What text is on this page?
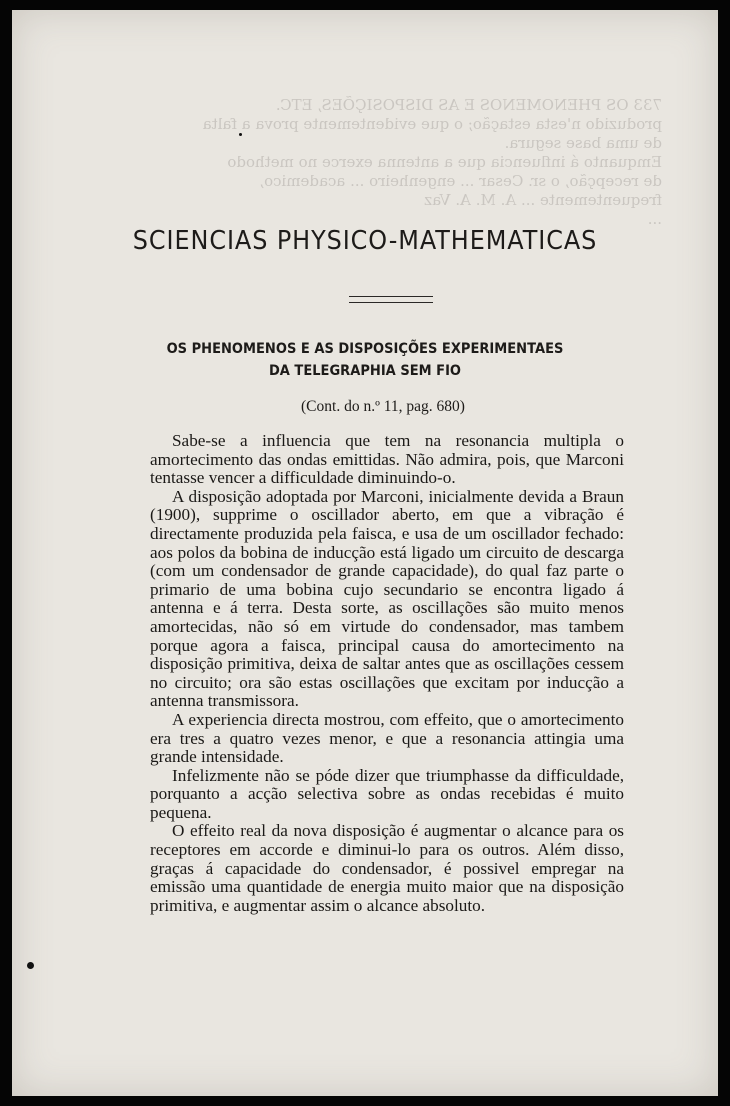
733 OS PHENOMENOS E AS DISPOSIÇÕES, ETC.
produzido n'esta estação; o que evidentemente prova a falta
de uma base segura.
Emquanto á influencia que a antenna exerce no methodo
de recepção, o sr. Cesar ... engenheiro ... academico,
frequentemente ... A. M. A. Vaz
...
SCIENCIAS PHYSICO-MATHEMATICAS
OS PHENOMENOS E AS DISPOSIÇÕES EXPERIMENTAES
DA TELEGRAPHIA SEM FIO
(Cont. do n.º 11, pag. 680)

Sabe-se a influencia que tem na resonancia multipla o amortecimento das ondas emittidas. Não admira, pois, que Marconi tentasse vencer a difficuldade diminuindo-o.

A disposição adoptada por Marconi, inicialmente devida a Braun (1900), supprime o oscillador aberto, em que a vibração é directamente produzida pela faisca, e usa de um oscillador fechado: aos polos da bobina de inducção está ligado um circuito de descarga (com um condensador de grande capacidade), do qual faz parte o primario de uma bobina cujo secundario se encontra ligado á antenna e á terra. Desta sorte, as oscillações são muito menos amortecidas, não só em virtude do condensador, mas tambem porque agora a faisca, principal causa do amortecimento na disposição primitiva, deixa de saltar antes que as oscillações cessem no circuito; ora são estas oscillações que excitam por inducção a antenna transmissora.

A experiencia directa mostrou, com effeito, que o amortecimento era tres a quatro vezes menor, e que a resonancia attingia uma grande intensidade.

Infelizmente não se póde dizer que triumphasse da difficuldade, porquanto a acção selectiva sobre as ondas recebidas é muito pequena.

O effeito real da nova disposição é augmentar o alcance para os receptores em accorde e diminui-lo para os outros. Além disso, graças á capacidade do condensador, é possivel empregar na emissão uma quantidade de energia muito maior que na disposição primitiva, e augmentar assim o alcance absoluto.
